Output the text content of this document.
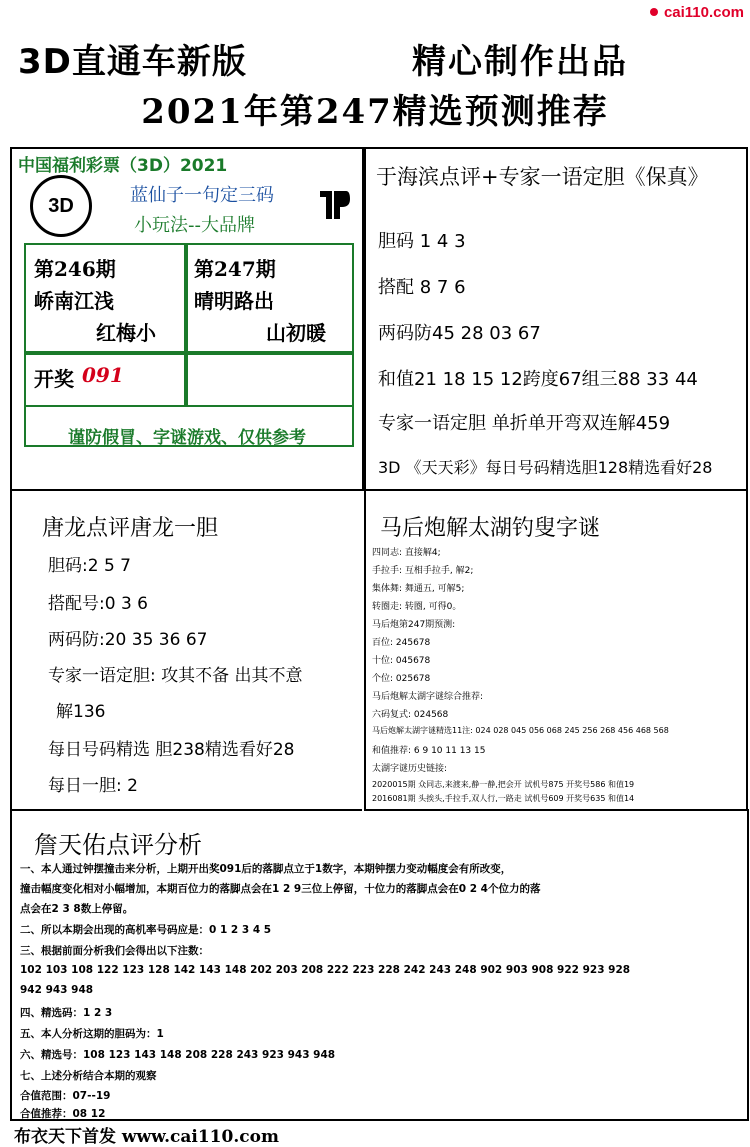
cai110.com
3D直通车新版	精心制作出品
2021年第247精选预测推荐
中国福利彩票（3D）2021
3D	蓝仙子一句定三码
小玩法--大品牌
第246期
峤南江浅
红梅小
第247期
晴明路出
山初暖
开奖 091
谨防假冒、字谜游戏、仅供参考
于海滨点评+专家一语定胆《保真》
胆码 1 4 3
搭配 8 7 6
两码防45 28 03 67
和值21 18 15 12跨度67组三88 33 44
专家一语定胆 单折单开弯双连解459
3D 《天天彩》每日号码精选胆128精选看好28
唐龙点评唐龙一胆
胆码:2 5 7
搭配号:0 3 6
两码防:20 35 36 67
专家一语定胆: 攻其不备 出其不意
解136
每日号码精选 胆238精选看好28
每日一胆: 2
马后炮解太湖钓叟字谜
四同志: 直接解4;
手拉手: 互相手拉手, 解2;
集体舞: 舞通五, 可解5;
转圈走: 转圈, 可得0。
马后炮第247期预测:
百位: 245678
十位: 045678
个位: 025678
马后炮解太湖字谜综合推荐:
六码复式: 024568
马后炮解太湖字谜精选11注: 024 028 045 056 068 245 256 268 456 468 568
和值推荐: 6 9 10 11 13 15
太湖字谜历史链接:
2020015期 众同志,来渡来,静一静,把会开 试机号875 开奖号586 和值19
2016081期 头挨头,手拉手,双人行,一路走 试机号609 开奖号635 和值14
詹天佑点评分析
一、本人通过钟摆撞击来分析，上期开出奖091后的落脚点立于1数字，本期钟摆力变动幅度会有所改变，
撞击幅度变化相对小幅增加，本期百位力的落脚点会在1 2 9三位上停留，十位力的落脚点会在0 2 4个位力的落
点会在2 3 8数上停留。
二、所以本期会出现的高机率号码应是：0 1 2 3 4 5
三、根据前面分析我们会得出以下注数：
102 103 108 122 123 128 142 143 148 202 203 208 222 223 228 242 243 248 902 903 908 922 923 928
942 943 948
四、精选码：1 2 3
五、本人分析这期的胆码为：1
六、精选号：108 123 143 148 208 228 243 923 943 948
七、上述分析结合本期的观察
合值范围：07--19
合值推荐：08 12
布衣天下首发 www.cai110.com
